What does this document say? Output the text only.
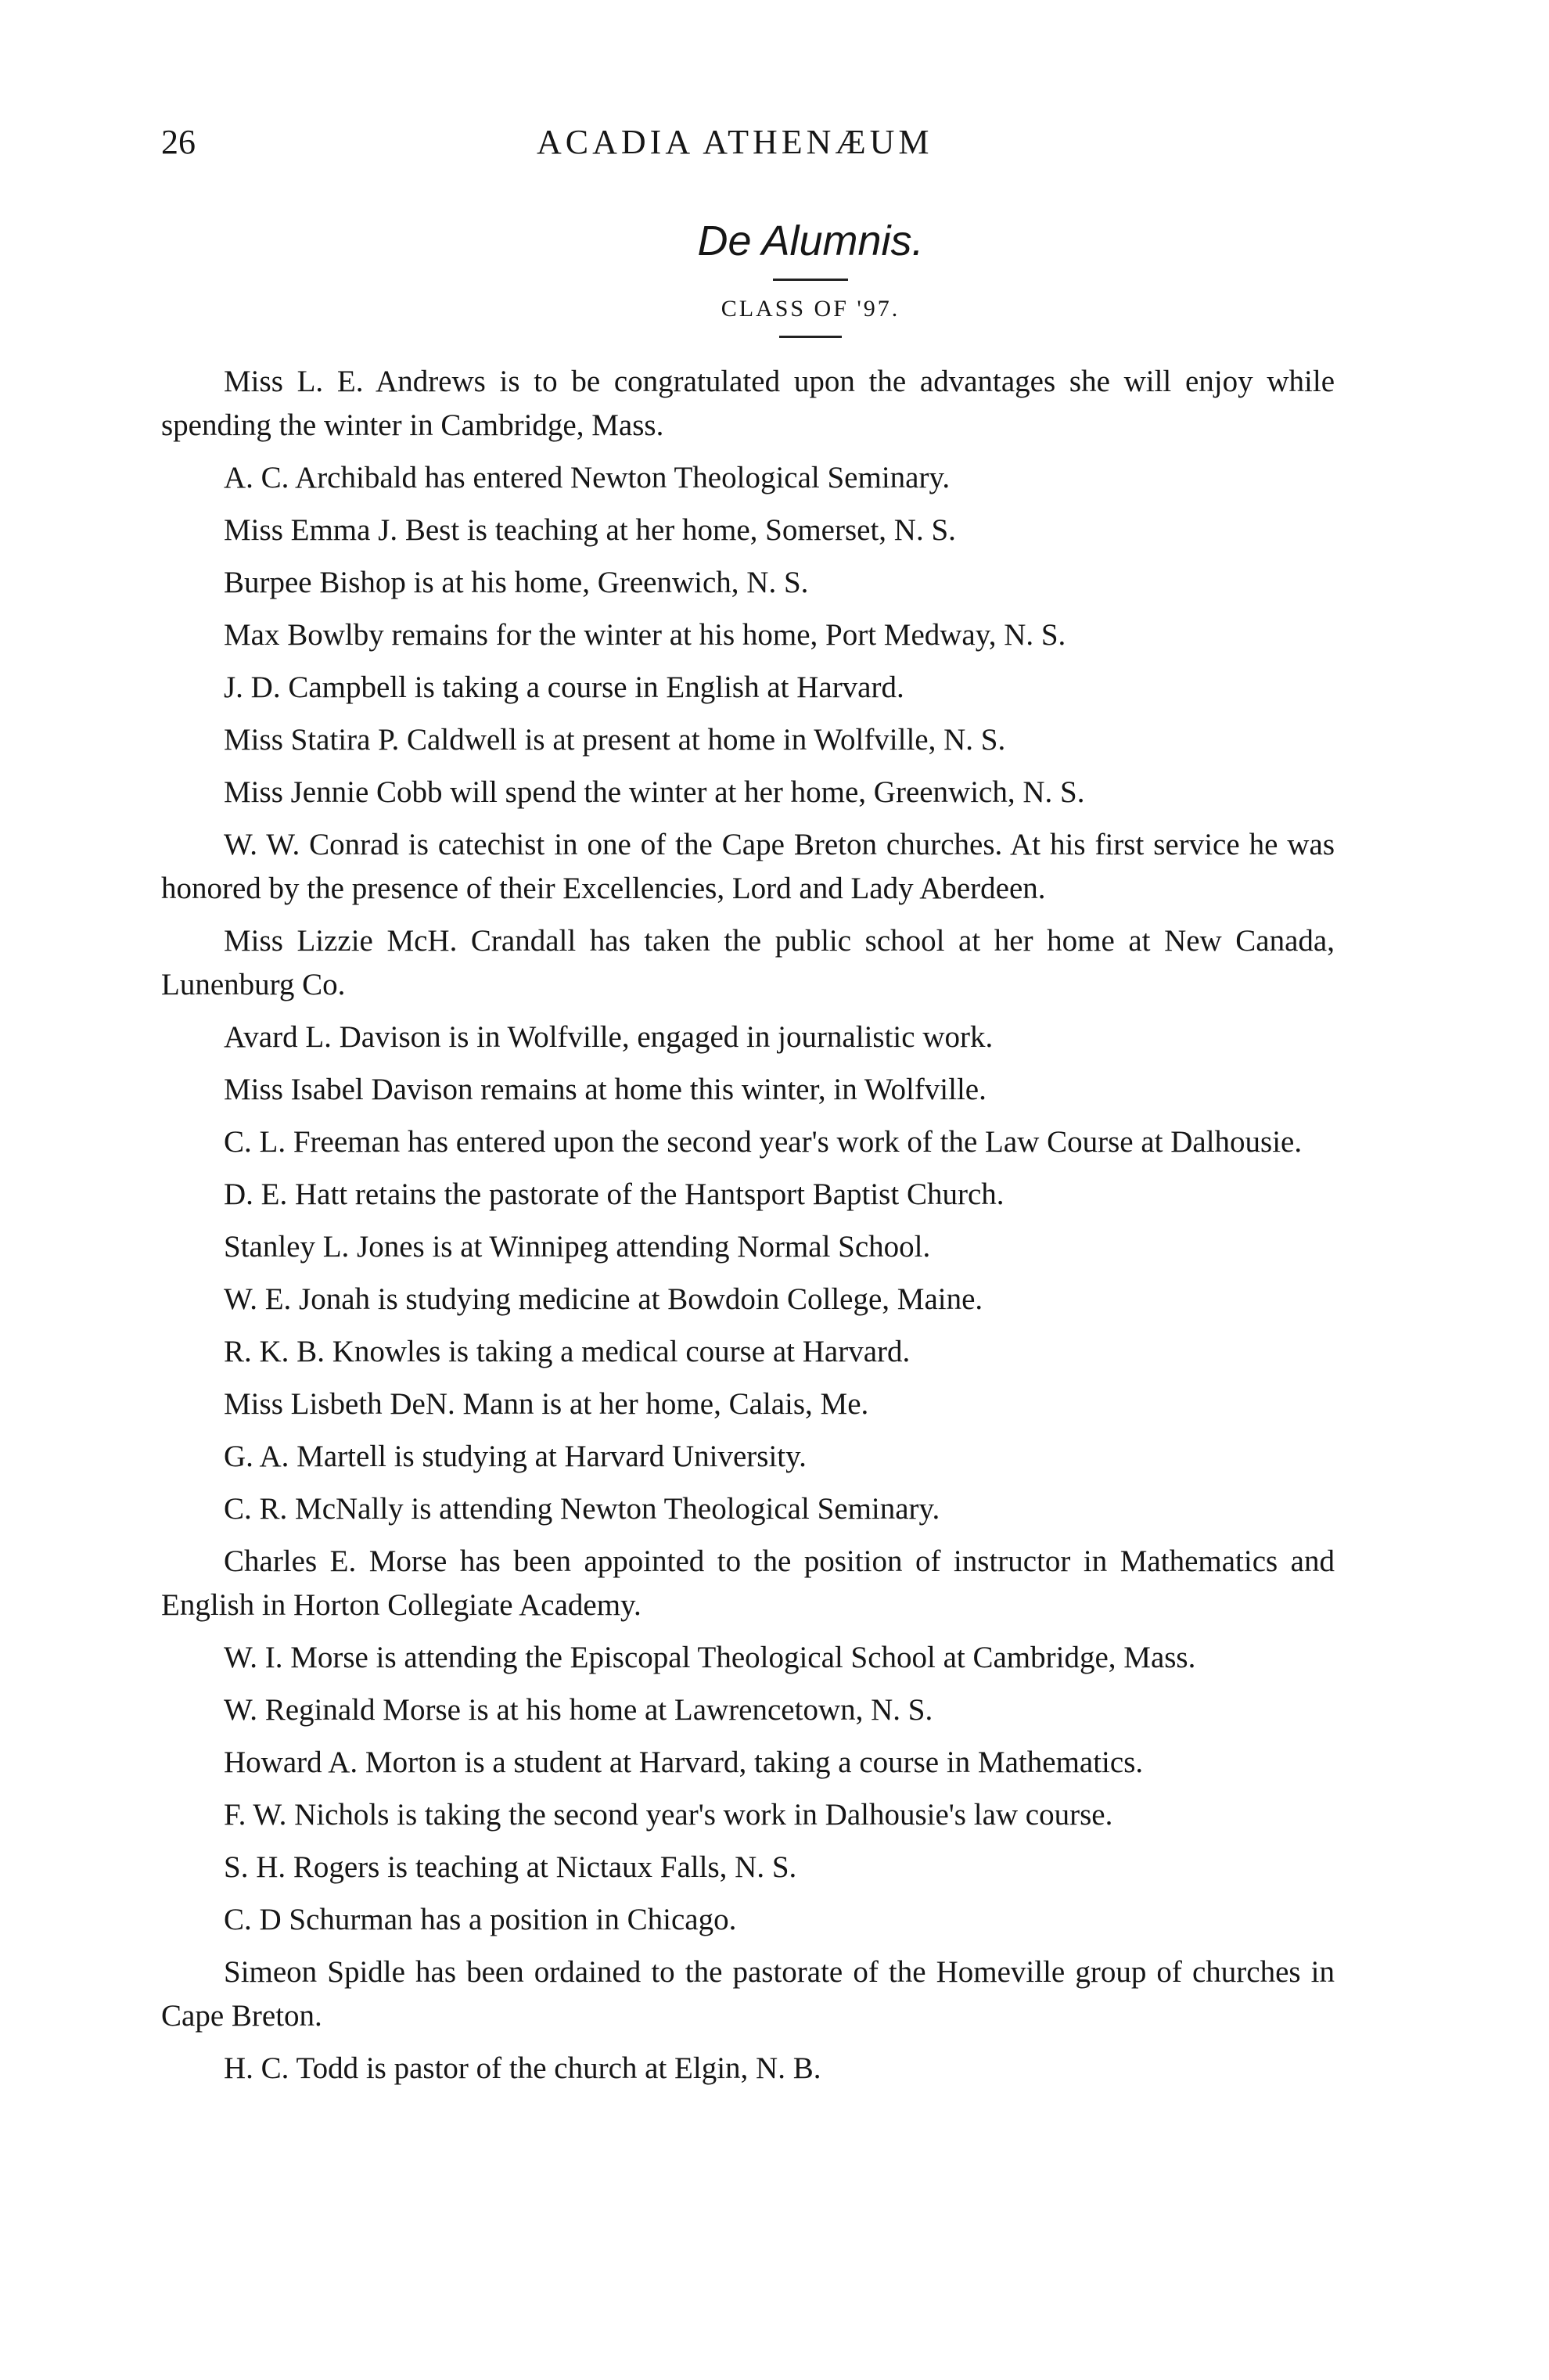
26	ACADIA ATHENÆUM
De Alumnis.
CLASS OF '97.

Miss L. E. Andrews is to be congratulated upon the advantages she will enjoy while spending the winter in Cambridge, Mass.

A. C. Archibald has entered Newton Theological Seminary.

Miss Emma J. Best is teaching at her home, Somerset, N. S.

Burpee Bishop is at his home, Greenwich, N. S.

Max Bowlby remains for the winter at his home, Port Medway, N. S.

J. D. Campbell is taking a course in English at Harvard.

Miss Statira P. Caldwell is at present at home in Wolfville, N. S.

Miss Jennie Cobb will spend the winter at her home, Greenwich, N. S.

W. W. Conrad is catechist in one of the Cape Breton churches. At his first service he was honored by the presence of their Excellencies, Lord and Lady Aberdeen.

Miss Lizzie McH. Crandall has taken the public school at her home at New Canada, Lunenburg Co.

Avard L. Davison is in Wolfville, engaged in journalistic work.

Miss Isabel Davison remains at home this winter, in Wolfville.

C. L. Freeman has entered upon the second year's work of the Law Course at Dalhousie.

D. E. Hatt retains the pastorate of the Hantsport Baptist Church.

Stanley L. Jones is at Winnipeg attending Normal School.

W. E. Jonah is studying medicine at Bowdoin College, Maine.

R. K. B. Knowles is taking a medical course at Harvard.

Miss Lisbeth DeN. Mann is at her home, Calais, Me.

G. A. Martell is studying at Harvard University.

C. R. McNally is attending Newton Theological Seminary.

Charles E. Morse has been appointed to the position of instructor in Mathematics and English in Horton Collegiate Academy.

W. I. Morse is attending the Episcopal Theological School at Cambridge, Mass.

W. Reginald Morse is at his home at Lawrencetown, N. S.

Howard A. Morton is a student at Harvard, taking a course in Mathematics.

F. W. Nichols is taking the second year's work in Dalhousie's law course.

S. H. Rogers is teaching at Nictaux Falls, N. S.

C. D Schurman has a position in Chicago.

Simeon Spidle has been ordained to the pastorate of the Homeville group of churches in Cape Breton.

H. C. Todd is pastor of the church at Elgin, N. B.
